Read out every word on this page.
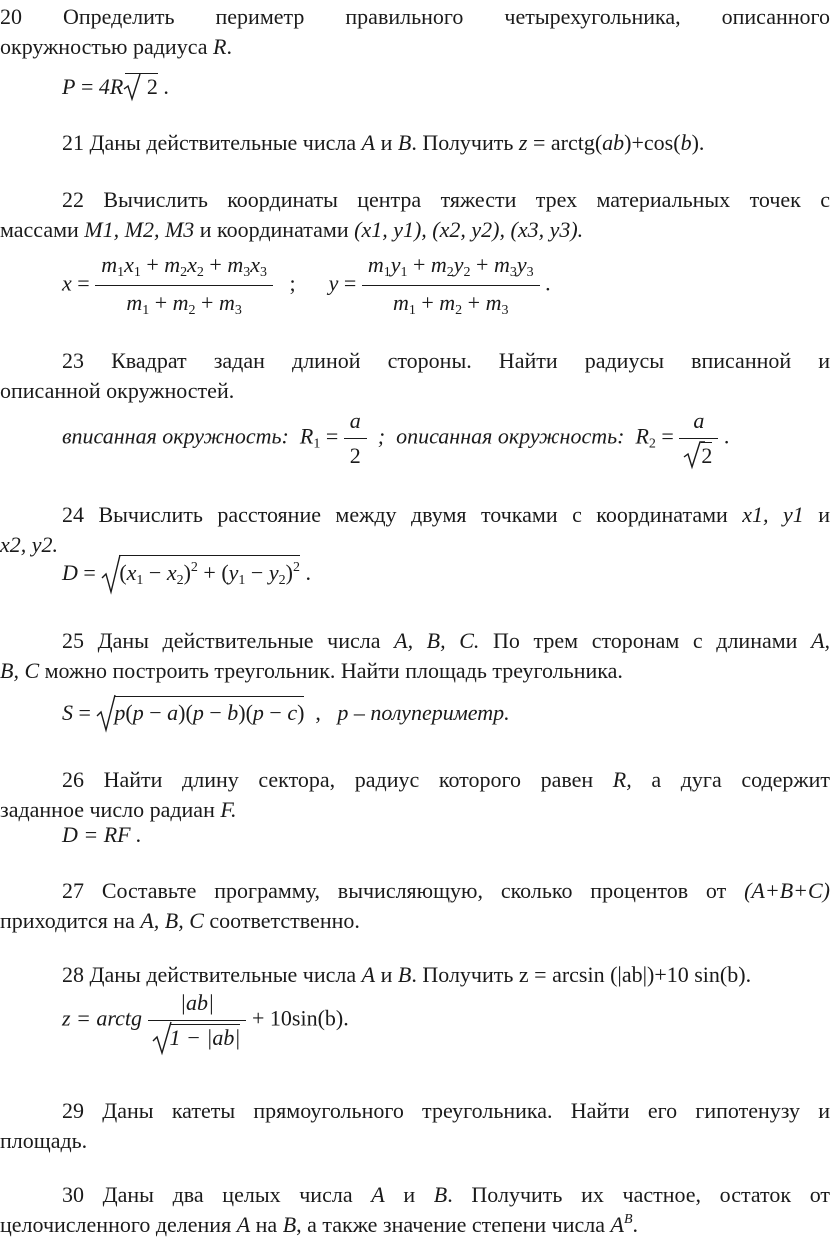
20 Определить периметр правильного четырехугольника, описанного
окружностью радиуса R.
P = 4R 2 .
21 Даны действительные числа A и B. Получить z = arctg(ab)+cos(b).
22 Вычислить координаты центра тяжести трех материальных точек с
массами M1, M2, M3 и координатами (x1, y1), (x2, y2), (x3, y3).
$x = \frac{m_1x_1 + m_2x_2 + m_3x_3}{m_1 + m_2 + m_3}$ ; $y = \frac{m_1y_1 + m_2y_2 + m_3y_3}{m_1 + m_2 + m_3}$ .
23 Квадрат задан длиной стороны. Найти радиусы вписанной и
описанной окружностей.
вписанная окружность: $R_1 = \frac{a}{2}$ ; описанная окружность: $R_2 = \frac{a}{2}$ .
24 Вычислить расстояние между двумя точками с координатами x1, y1 и
x2, y2.
D =
$(x_1 - x_2)^2 + (y_1 - y_2)^2$ .
25 Даны действительные числа A, B, C. По трем сторонам с длинами A,
B, C можно построить треугольник. Найти площадь треугольника.
S =
p(p − a)(p − b)(p − c) , p – полупериметр.
26 Найти длину сектора, радиус которого равен R, а дуга содержит
заданное число радиан F.
D = RF .
27 Составьте программу, вычисляющую, сколько процентов от (A+B+C)
приходится на A, B, C соответственно.
28 Даны действительные числа A и B. Получить z = arcsin (|ab|)+10 sin(b).
z = arctg $\frac{|ab|}{1 - |ab|} + 10\sin(b)$.
29 Даны катеты прямоугольного треугольника. Найти его гипотенузу и
площадь.
30 Даны два целых числа A и B. Получить их частное, остаток от
целочисленного деления A на B, а также значение степени числа $A^B$.
